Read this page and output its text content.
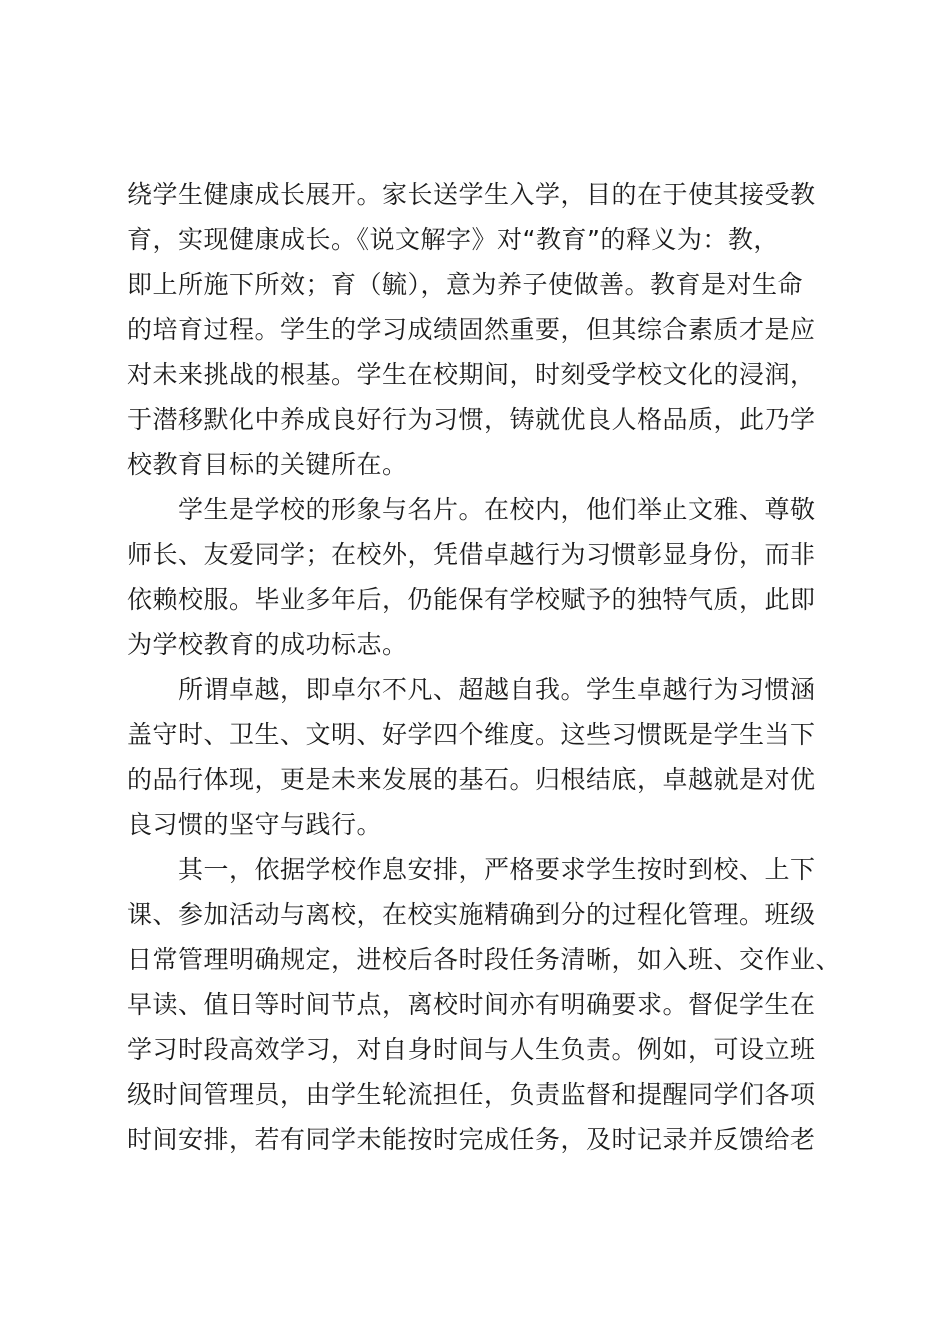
绕学生健康成长展开。家长送学生入学，目的在于使其接受教
育，实现健康成长。《说文解字》对“教育”的释义为：教，
即上所施下所效；育（毓），意为养子使做善。教育是对生命
的培育过程。学生的学习成绩固然重要，但其综合素质才是应
对未来挑战的根基。学生在校期间，时刻受学校文化的浸润，
于潜移默化中养成良好行为习惯，铸就优良人格品质，此乃学
校教育目标的关键所在。
　　学生是学校的形象与名片。在校内，他们举止文雅、尊敬
师长、友爱同学；在校外，凭借卓越行为习惯彰显身份，而非
依赖校服。毕业多年后，仍能保有学校赋予的独特气质，此即
为学校教育的成功标志。
　　所谓卓越，即卓尔不凡、超越自我。学生卓越行为习惯涵
盖守时、卫生、文明、好学四个维度。这些习惯既是学生当下
的品行体现，更是未来发展的基石。归根结底，卓越就是对优
良习惯的坚守与践行。
　　其一，依据学校作息安排，严格要求学生按时到校、上下
课、参加活动与离校，在校实施精确到分的过程化管理。班级
日常管理明确规定，进校后各时段任务清晰，如入班、交作业、
早读、值日等时间节点，离校时间亦有明确要求。督促学生在
学习时段高效学习，对自身时间与人生负责。例如，可设立班
级时间管理员，由学生轮流担任，负责监督和提醒同学们各项
时间安排，若有同学未能按时完成任务，及时记录并反馈给老
